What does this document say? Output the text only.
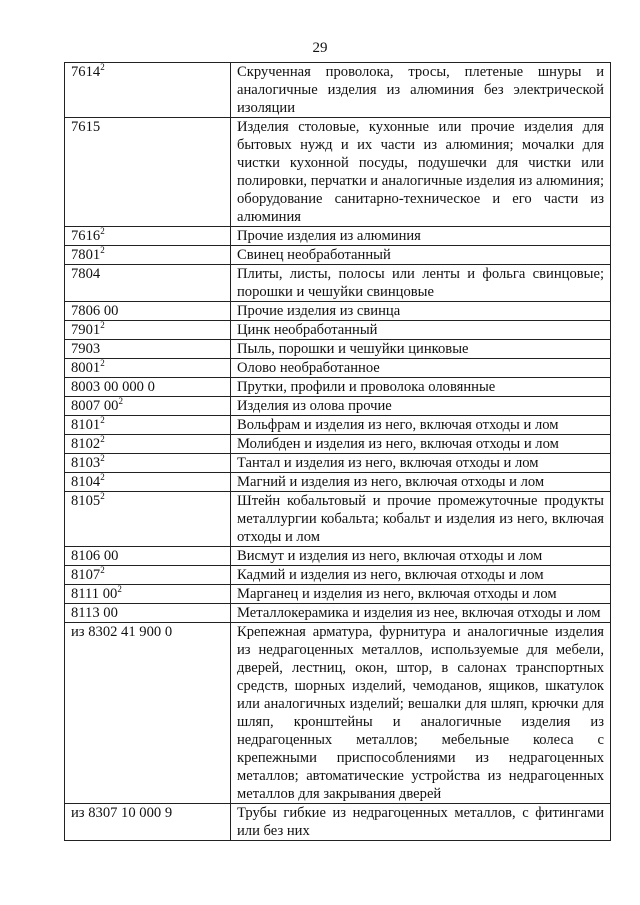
29
7614$^2$	Скрученная проволока, тросы, плетеные шнуры и аналогичные изделия из алюминия без электрической изоляции
7615	Изделия столовые, кухонные или прочие изделия для бытовых нужд и их части из алюминия; мочалки для чистки кухонной посуды, подушечки для чистки или полировки, перчатки и аналогичные изделия из алюминия; оборудование санитарно-техническое и его части из алюминия
7616$^2$	Прочие изделия из алюминия
7801$^2$	Свинец необработанный
7804	Плиты, листы, полосы или ленты и фольга свинцовые; порошки и чешуйки свинцовые
7806 00	Прочие изделия из свинца
7901$^2$	Цинк необработанный
7903	Пыль, порошки и чешуйки цинковые
8001$^2$	Олово необработанное
8003 00 000 0	Прутки, профили и проволока оловянные
8007 00$^2$	Изделия из олова прочие
8101$^2$	Вольфрам и изделия из него, включая отходы и лом
8102$^2$	Молибден и изделия из него, включая отходы и лом
8103$^2$	Тантал и изделия из него, включая отходы и лом
8104$^2$	Магний и изделия из него, включая отходы и лом
8105$^2$	Штейн кобальтовый и прочие промежуточные продукты металлургии кобальта; кобальт и изделия из него, включая отходы и лом
8106 00	Висмут и изделия из него, включая отходы и лом
8107$^2$	Кадмий и изделия из него, включая отходы и лом
8111 00$^2$	Марганец и изделия из него, включая отходы и лом
8113 00	Металлокерамика и изделия из нее, включая отходы и лом
из 8302 41 900 0	Крепежная арматура, фурнитура и аналогичные изделия из недрагоценных металлов, используемые для мебели, дверей, лестниц, окон, штор, в салонах транспортных средств, шорных изделий, чемоданов, ящиков, шкатулок или аналогичных изделий; вешалки для шляп, крючки для шляп, кронштейны и аналогичные изделия из недрагоценных металлов; мебельные колеса с крепежными приспособлениями из недрагоценных металлов; автоматические устройства из недрагоценных металлов для закрывания дверей
из 8307 10 000 9	Трубы гибкие из недрагоценных металлов, с фитингами или без них
